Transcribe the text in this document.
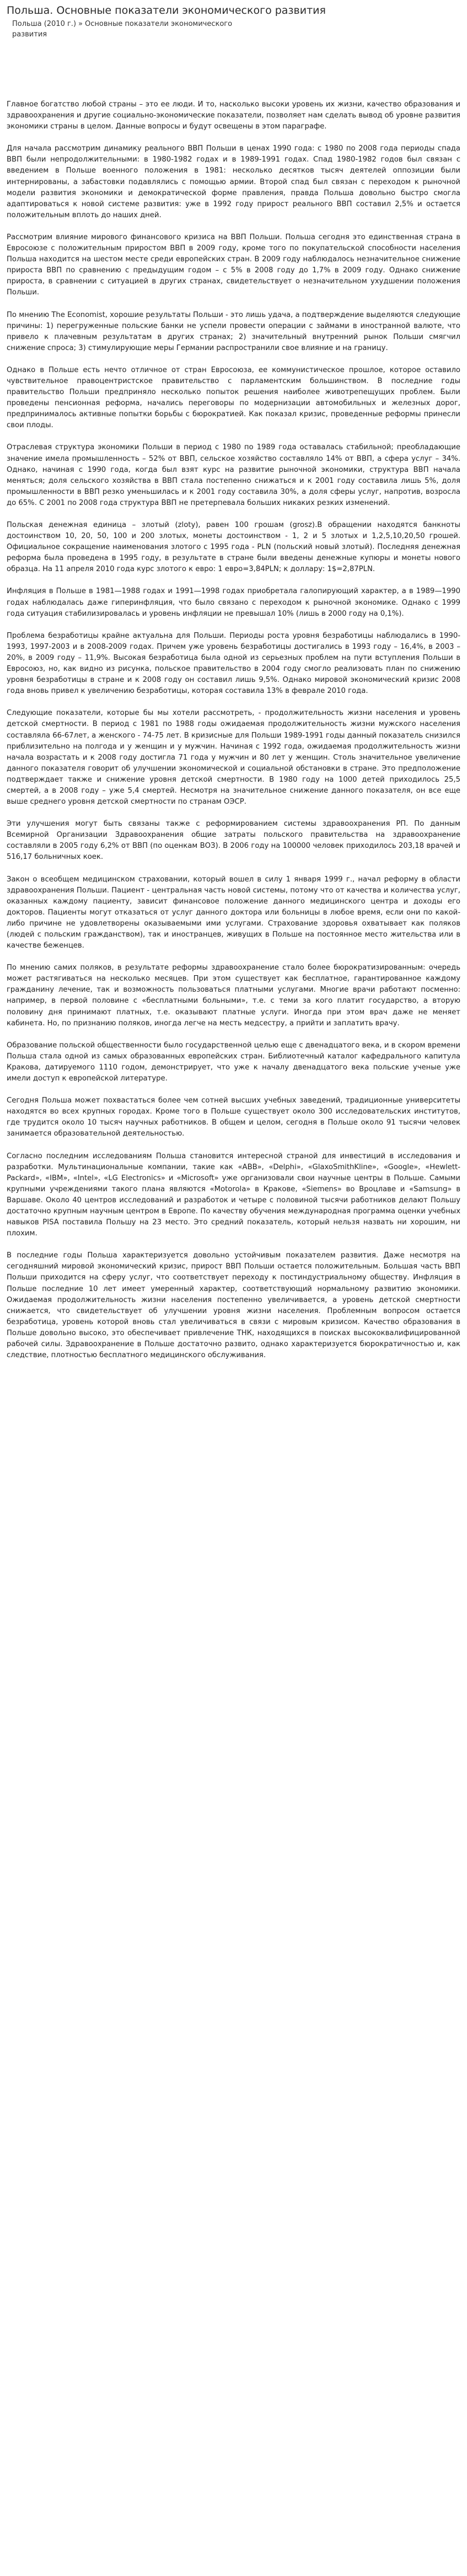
Польша. Основные показатели экономического развития
Польша (2010 г.) » Основные показатели экономического развития

Главное богатство любой страны – это ее люди. И то, насколько высоки уровень их жизни, качество образования и здравоохранения и другие социально-экономические показатели, позволяет нам сделать вывод об уровне развития экономики страны в целом. Данные вопросы и будут освещены в этом параграфе.

Для начала рассмотрим динамику реального ВВП Польши в ценах 1990 года: с 1980 по 2008 года периоды спада ВВП были непродолжительными: в 1980-1982 годах и в 1989-1991 годах. Спад 1980-1982 годов был связан с введением в Польше военного положения в 1981: несколько десятков тысяч деятелей оппозиции были интернированы, а забастовки подавлялись с помощью армии. Второй спад был связан с переходом к рыночной модели развития экономики и демократической форме правления, правда Польша довольно быстро смогла адаптироваться к новой системе развития: уже в 1992 году прирост реального ВВП составил 2,5% и остается положительным вплоть до наших дней.

Рассмотрим влияние мирового финансового кризиса на ВВП Польши. Польша сегодня это единственная страна в Евросоюзе с положительным приростом ВВП в 2009 году, кроме того по покупательской способности населения Польша находится на шестом месте среди европейских стран. В 2009 году наблюдалось незначительное снижение прироста ВВП по сравнению с предыдущим годом – с 5% в 2008 году до 1,7% в 2009 году. Однако снижение прироста, в сравнении с ситуацией в других странах, свидетельствует о незначительном ухудшении положения Польши.

По мнению The Economist, хорошие результаты Польши - это лишь удача, а подтверждение выделяются следующие причины: 1) перегруженные польские банки не успели провести операции с займами в иностранной валюте, что привело к плачевным результатам в других странах; 2) значительный внутренний рынок Польши смягчил снижение спроса; 3) стимулирующие меры Германии распространили свое влияние и на границу.

Однако в Польше есть нечто отличное от стран Евросоюза, ее коммунистическое прошлое, которое оставило чувствительное правоцентристское правительство с парламентским большинством. В последние годы правительство Польши предприняло несколько попыток решения наиболее животрепещущих проблем. Были проведены пенсионная реформа, начались переговоры по модернизации автомобильных и железных дорог, предпринималось активные попытки борьбы с бюрократией. Как показал кризис, проведенные реформы принесли свои плоды.

Отраслевая структура экономики Польши в период с 1980 по 1989 года оставалась стабильной; преобладающие значение имела промышленность – 52% от ВВП, сельское хозяйство составляло 14% от ВВП, а сфера услуг – 34%. Однако, начиная с 1990 года, когда был взят курс на развитие рыночной экономики, структура ВВП начала меняться; доля сельского хозяйства в ВВП стала постепенно снижаться и к 2001 году составила лишь 5%, доля промышленности в ВВП резко уменьшилась и к 2001 году составила 30%, а доля сферы услуг, напротив, возросла до 65%. С 2001 по 2008 года структура ВВП не претерпевала больших никаких резких изменений.

Польская денежная единица – злотый (zloty), равен 100 грошам (grosz).В обращении находятся банкноты достоинством 10, 20, 50, 100 и 200 злотых, монеты достоинством - 1, 2 и 5 злотых и 1,2,5,10,20,50 грошей. Официальное сокращение наименования злотого с 1995 года - PLN (польский новый злотый). Последняя денежная реформа была проведена в 1995 году, в результате в стране были введены денежные купюры и монеты нового образца. На 11 апреля 2010 года курс злотого к евро: 1 евро=3,84PLN; к доллару: 1$=2,87PLN.

Инфляция в Польше в 1981—1988 годах и 1991—1998 годах приобретала галопирующий характер, а в 1989—1990 годах наблюдалась даже гиперинфляция, что было связано с переходом к рыночной экономике. Однако с 1999 года ситуация стабилизировалась и уровень инфляции не превышал 10% (лишь в 2000 году на 0,1%).

Проблема безработицы крайне актуальна для Польши. Периоды роста уровня безработицы наблюдались в 1990-1993, 1997-2003 и в 2008-2009 годах. Причем уже уровень безработицы достигались в 1993 году – 16,4%, в 2003 – 20%, в 2009 году – 11,9%. Высокая безработица была одной из серьезных проблем на пути вступления Польши в Евросоюз, но, как видно из рисунка, польское правительство в 2004 году смогло реализовать план по снижению уровня безработицы в стране и к 2008 году он составил лишь 9,5%. Однако мировой экономический кризис 2008 года вновь привел к увеличению безработицы, которая составила 13% в феврале 2010 года.

Следующие показатели, которые бы мы хотели рассмотреть, - продолжительность жизни населения и уровень детской смертности. В период с 1981 по 1988 годы ожидаемая продолжительность жизни мужского населения составляла 66-67лет, а женского - 74-75 лет. В кризисные для Польши 1989-1991 годы данный показатель снизился приблизительно на полгода и у женщин и у мужчин. Начиная с 1992 года, ожидаемая продолжительность жизни начала возрастать и к 2008 году достигла 71 года у мужчин и 80 лет у женщин. Столь значительное увеличение данного показателя говорит об улучшении экономической и социальной обстановки в стране. Это предположение подтверждает также и снижение уровня детской смертности. В 1980 году на 1000 детей приходилось 25,5 смертей, а в 2008 году – уже 5,4 смертей. Несмотря на значительное снижение данного показателя, он все еще выше среднего уровня детской смертности по странам ОЭСР.

Эти улучшения могут быть связаны также с реформированием системы здравоохранения РП. По данным Всемирной Организации Здравоохранения общие затраты польского правительства на здравоохранение составляли в 2005 году 6,2% от ВВП (по оценкам ВОЗ). В 2006 году на 100000 человек приходилось 203,18 врачей и 516,17 больничных коек.

Закон о всеобщем медицинском страховании, который вошел в силу 1 января 1999 г., начал реформу в области здравоохранения Польши. Пациент - центральная часть новой системы, потому что от качества и количества услуг, оказанных каждому пациенту, зависит финансовое положение данного медицинского центра и доходы его докторов. Пациенты могут отказаться от услуг данного доктора или больницы в любое время, если они по какой-либо причине не удовлетворены оказываемыми ими услугами. Страхование здоровья охватывает как поляков (людей с польским гражданством), так и иностранцев, живущих в Польше на постоянное место жительства или в качестве беженцев.

По мнению самих поляков, в результате реформы здравоохранение стало более бюрократизированным: очередь может растягиваться на несколько месяцев. При этом существует как бесплатное, гарантированное каждому гражданину лечение, так и возможность пользоваться платными услугами. Многие врачи работают посменно: например, в первой половине с «бесплатными больными», т.е. с теми за кого платит государство, а вторую половину дня принимают платных, т.е. оказывают платные услуги. Иногда при этом врач даже не меняет кабинета. Но, по признанию поляков, иногда легче на месть медсестру, а прийти и заплатить врачу.

Образование польской общественности было государственной целью еще с двенадцатого века, и в скором времени Польша стала одной из самых образованных европейских стран. Библиотечный каталог кафедрального капитула Кракова, датируемого 1110 годом, демонстрирует, что уже к началу двенадцатого века польские ученые уже имели доступ к европейской литературе.

Сегодня Польша может похвастаться более чем сотней высших учебных заведений, традиционные университеты находятся во всех крупных городах. Кроме того в Польше существует около 300 исследовательских институтов, где трудится около 10 тысяч научных работников. В общем и целом, сегодня в Польше около 91 тысячи человек занимается образовательной деятельностью.

Согласно последним исследованиям Польша становится интересной страной для инвестиций в исследования и разработки. Мультинациональные компании, такие как «ABB», «Delphi», «GlaxoSmithKline», «Google», «Hewlett-Packard», «IBM», «Intel», «LG Electronics» и «Microsoft» уже организовали свои научные центры в Польше. Самыми крупными учреждениями такого плана являются «Motorola» в Кракове, «Siemens» во Вроцлаве и «Samsung» в Варшаве. Около 40 центров исследований и разработок и четыре с половиной тысячи работников делают Польшу достаточно крупным научным центром в Европе. По качеству обучения международная программа оценки учебных навыков PISA поставила Польшу на 23 место. Это средний показатель, который нельзя назвать ни хорошим, ни плохим.

В последние годы Польша характеризуется довольно устойчивым показателем развития. Даже несмотря на сегодняшний мировой экономический кризис, прирост ВВП Польши остается положительным. Большая часть ВВП Польши приходится на сферу услуг, что соответствует переходу к постиндустриальному обществу. Инфляция в Польше последние 10 лет имеет умеренный характер, соответствующий нормальному развитию экономики. Ожидаемая продолжительность жизни населения постепенно увеличивается, а уровень детской смертности снижается, что свидетельствует об улучшении уровня жизни населения. Проблемным вопросом остается безработица, уровень которой вновь стал увеличиваться в связи с мировым кризисом. Качество образования в Польше довольно высоко, это обеспечивает привлечение ТНК, находящихся в поисках высококвалифицированной рабочей силы. Здравоохранение в Польше достаточно развито, однако характеризуется бюрократичностью и, как следствие, плотностью бесплатного медицинского обслуживания.
